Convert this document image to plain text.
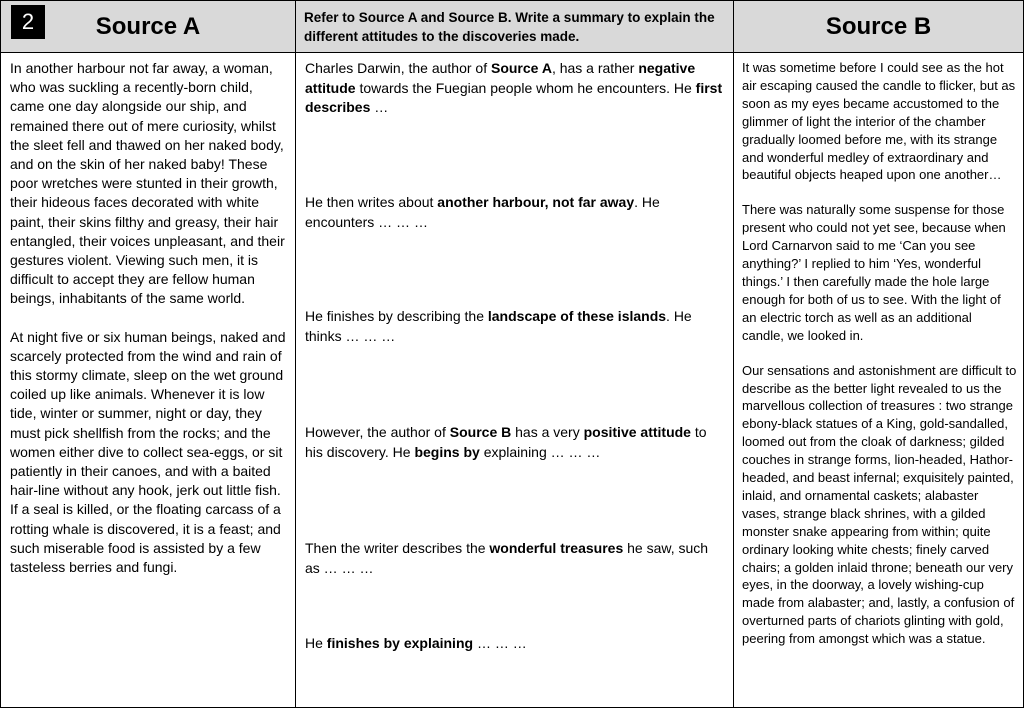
2	Source A

In another harbour not far away, a woman, who was suckling a recently-born child, came one day alongside our ship, and remained there out of mere curiosity, whilst the sleet fell and thawed on her naked body, and on the skin of her naked baby! These poor wretches were stunted in their growth, their hideous faces decorated with white paint, their skins filthy and greasy, their hair entangled, their voices unpleasant, and their gestures violent. Viewing such men, it is difficult to accept they are fellow human beings, inhabitants of the same world.

At night five or six human beings, naked and scarcely protected from the wind and rain of this stormy climate, sleep on the wet ground coiled up like animals. Whenever it is low tide, winter or summer, night or day, they must pick shellfish from the rocks; and the women either dive to collect sea-eggs, or sit patiently in their canoes, and with a baited hair-line without any hook, jerk out little fish. If a seal is killed, or the floating carcass of a rotting whale is discovered, it is a feast; and such miserable food is assisted by a few tasteless berries and fungi.

Refer to Source A and Source B. Write a summary to explain the different attitudes to the discoveries made.
Charles Darwin, the author of Source A, has a rather negative attitude towards the Fuegian people whom he encounters. He first describes …
He then writes about another harbour, not far away. He encounters … … …
He finishes by describing the landscape of these islands. He thinks … … …
However, the author of Source B has a very positive attitude to his discovery. He begins by explaining … … …
Then the writer describes the wonderful treasures he saw, such as … … …
He finishes by explaining … … …
Source B

It was sometime before I could see as the hot air escaping caused the candle to flicker, but as soon as my eyes became accustomed to the glimmer of light the interior of the chamber gradually loomed before me, with its strange and wonderful medley of extraordinary and beautiful objects heaped upon one another…

There was naturally some suspense for those present who could not yet see, because when Lord Carnarvon said to me ‘Can you see anything?’ I replied to him ‘Yes, wonderful things.’ I then carefully made the hole large enough for both of us to see. With the light of an electric torch as well as an additional candle, we looked in.

Our sensations and astonishment are difficult to describe as the better light revealed to us the marvellous collection of treasures : two strange ebony-black statues of a King, gold-sandalled, loomed out from the cloak of darkness; gilded couches in strange forms, lion-headed, Hathor-headed, and beast infernal; exquisitely painted, inlaid, and ornamental caskets; alabaster vases, strange black shrines, with a gilded monster snake appearing from within; quite ordinary looking white chests; finely carved chairs; a golden inlaid throne; beneath our very eyes, in the doorway, a lovely wishing-cup made from alabaster; and, lastly, a confusion of overturned parts of chariots glinting with gold, peering from amongst which was a statue.
